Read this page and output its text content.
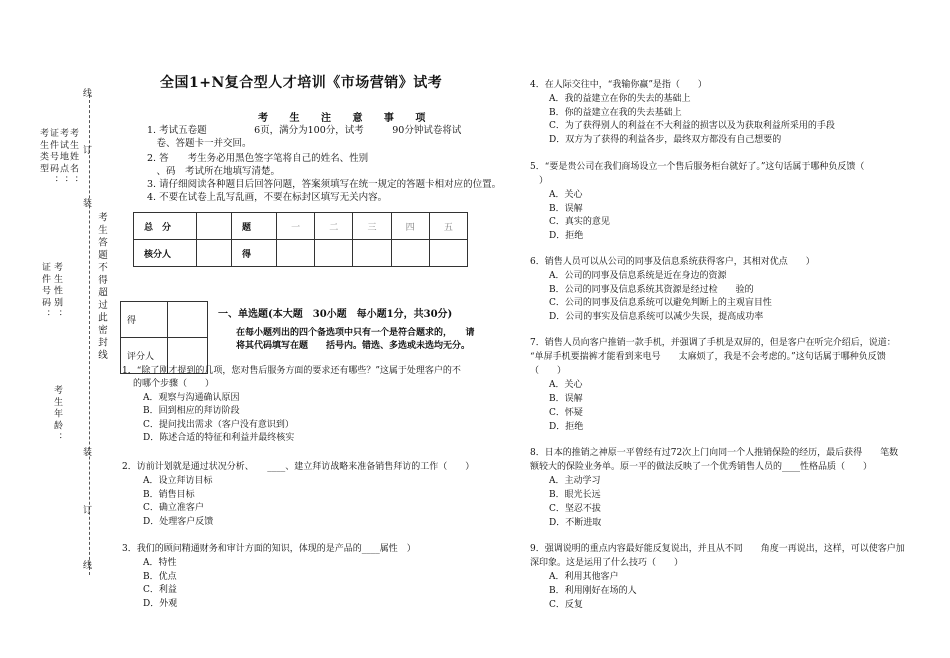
考 生 类 型 证 件 号 码 ： 考 试 地 点 ： 考 生 姓 名 ：
证 件 号 码 ： 考 生 性 别 ：
考 生 年 龄 ：
考 生 答 题 不 得 超 过 此 密 封 线
线
订
装
装
订
线
全国1+N复合型人才培训《市场营销》试考
考 生 注 意 事 项
1. 考试五卷题　　　　　6页，满分为100分，试考　　　90分钟试卷将试
　卷、答题卡一并交回。
2. 答　　考生务必用黑色签字笔将自己的姓名、性别
　、码　考试所在地填写清楚。
3. 请仔细阅读各种题目后回答问题，答案须填写在统一规定的答题卡相对应的位置。
4. 不要在试卷上乱写乱画，不要在标封区填写无关内容。
总　分		题	一	二	三	四	五
核分人		得					
得	
评分人	
一、单选题(本大题　30小题　每小题1分，共30分)
在每小题列出的四个备选项中只有一个是符合题求的，　　请
将其代码填写在题　　括号内。错选、多选或未选均无分。
1．“除了刚才提到的几项，您对售后服务方面的要求还有哪些？”这属于处理客户的不
的哪个步骤（　　）
A．观察与沟通确认原因
B．回到相应的拜访阶段
C．提问找出需求（客户没有意识到）
D．陈述合适的特征和利益并最终核实
2．访前计划就是通过状况分析、　　____、建立拜访战略来准备销售拜访的工作（　　）
A．设立拜访目标
B．销售目标
C．确立准客户
D．处理客户反馈
3．我们的顾问精通财务和审计方面的知识，体现的是产品的____属性　）
A．特性
B．优点
C．利益
D．外观
4．在人际交往中，“我输你赢”是指（　　）
A．我的益建立在你的失去的基础上
B．你的益建立在我的失去基础上
C．为了获得别人的利益在不大利益的损害以及为获取利益所采用的手段
D．双方为了获得的利益各步，最终双方都没有自己想要的
5．“要是贵公司在我们商场设立一个售后服务柜台就好了。”这句话属于哪种负反馈（
　）
A．关心
B．误解
C．真实的意见
D．拒绝
6．销售人员可以从公司的同事及信息系统获得客户，其相对优点　　）
A．公司的同事及信息系统是近在身边的资源
B．公司的同事及信息系统其资源是经过检　　验的
C．公司的同事及信息系统可以避免判断上的主观盲目性
D．公司的事实及信息系统可以减少失误，提高成功率
7．销售人员向客户推销一款手机，并强调了手机是双屏的，但是客户在听完介绍后，说道：
“单屏手机要揣裤才能看到来电号　　太麻烦了，我是不会考虑的。”这句话属于哪种负反馈
（　　）
A．关心
B．误解
C．怀疑
D．拒绝
8．日本的推销之神原一平曾经有过72次上门向同一个人推销保险的经历，最后获得　　笔数
额较大的保险业务单。原一平的做法反映了一个优秀销售人员的____性格品质（　　）
A．主动学习
B．眼光长远
C．坚忍不拔
D．不断进取
9．强调说明的重点内容最好能反复说出，并且从不同　　角度一再说出，这样，可以使客户加
深印象。这是运用了什么技巧（　　）
A．利用其他客户
B．利用刚好在场的人
C．反复
